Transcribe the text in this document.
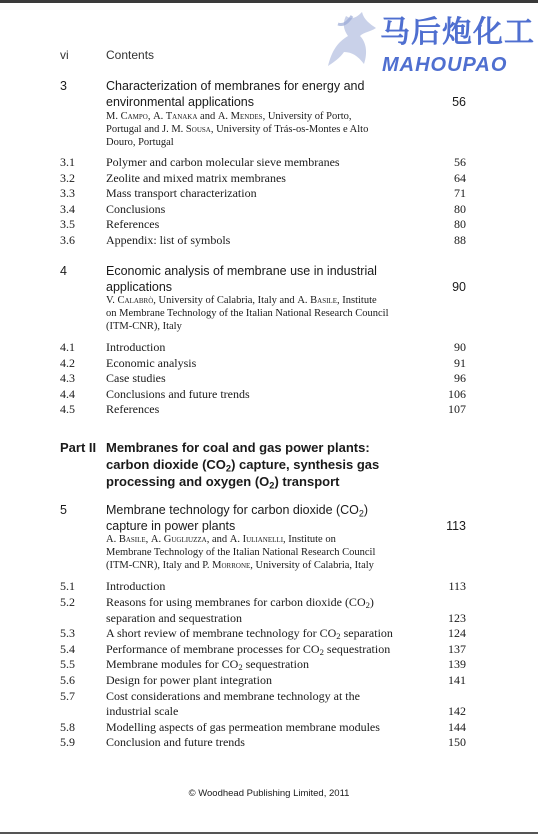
马后炮化工
MAHOUPAO
vi	Contents
3	Characterization of membranes for energy and
environmental applications	56
M. Campo, A. Tanaka and A. Mendes, University of Porto,
Portugal and J. M. Sousa, University of Trás-os-Montes e Alto
Douro, Portugal
3.1	Polymer and carbon molecular sieve membranes	56
3.2	Zeolite and mixed matrix membranes	64
3.3	Mass transport characterization	71
3.4	Conclusions	80
3.5	References	80
3.6	Appendix: list of symbols	88
4	Economic analysis of membrane use in industrial
applications	90
V. Calabrò, University of Calabria, Italy and A. Basile, Institute
on Membrane Technology of the Italian National Research Council
(ITM-CNR), Italy
4.1	Introduction	90
4.2	Economic analysis	91
4.3	Case studies	96
4.4	Conclusions and future trends	106
4.5	References	107
Part II Membranes for coal and gas power plants:
carbon dioxide $(CO_2)$ capture, synthesis gas
processing and oxygen $(O_2)$ transport
5	Membrane technology for carbon dioxide $(CO_2)$
capture in power plants	113
A. Basile, A. Gugliuzza, and A. Iulianelli, Institute on
Membrane Technology of the Italian National Research Council
(ITM-CNR), Italy and P. Morrone, University of Calabria, Italy
5.1	Introduction	113
5.2	Reasons for using membranes for carbon dioxide $(CO_2)$
separation and sequestration	123
5.3	A short review of membrane technology for $CO_2$ separation	124
5.4	Performance of membrane processes for $CO_2$ sequestration	137
5.5	Membrane modules for $CO_2$ sequestration	139
5.6	Design for power plant integration	141
5.7	Cost considerations and membrane technology at the
industrial scale	142
5.8	Modelling aspects of gas permeation membrane modules	144
5.9	Conclusion and future trends	150
© Woodhead Publishing Limited, 2011
